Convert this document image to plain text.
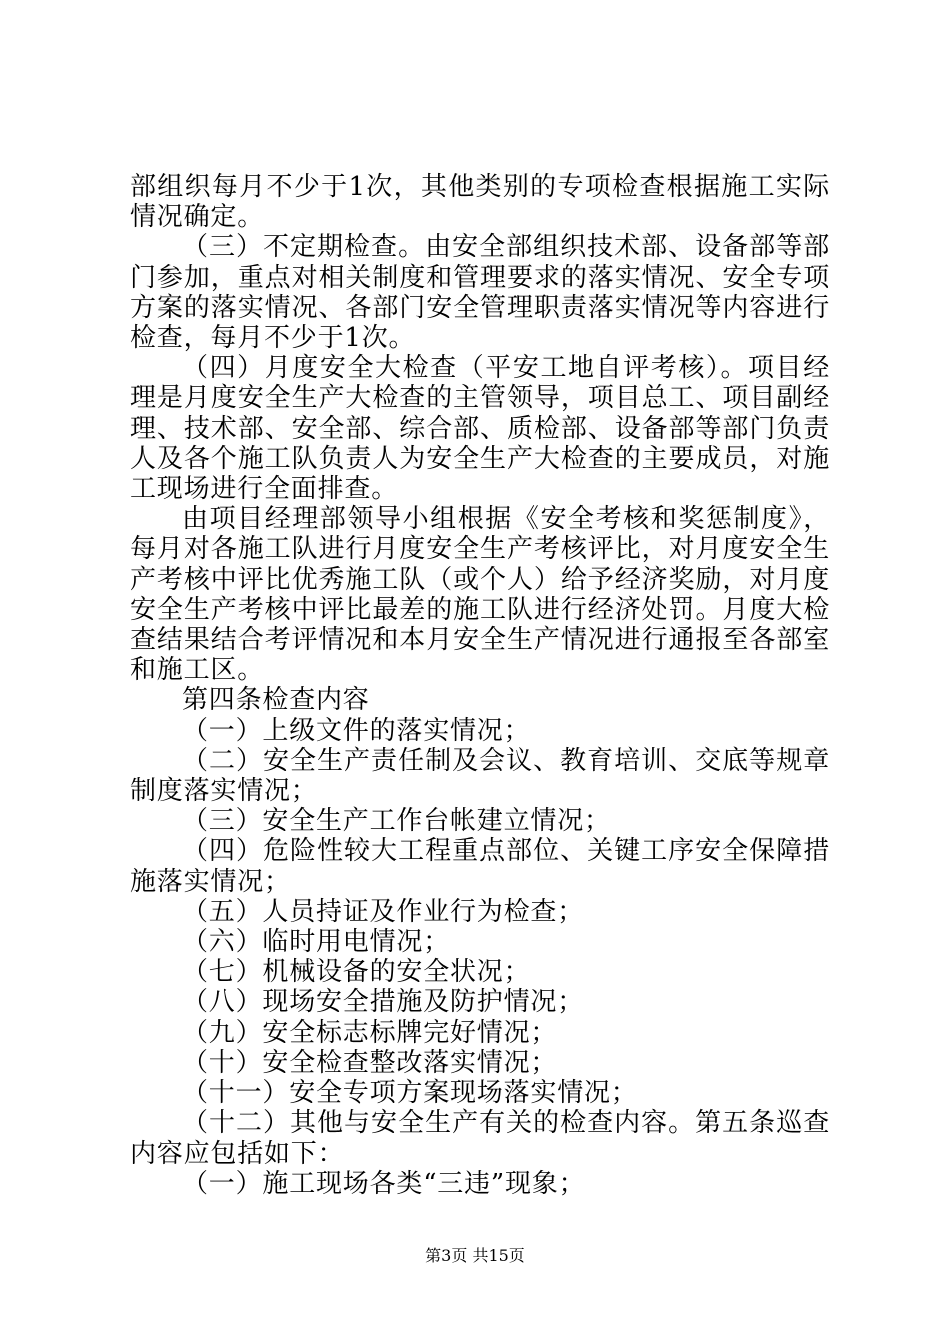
部组织每月不少于1次，其他类别的专项检查根据施工实际情况确定。

（三）不定期检查。由安全部组织技术部、设备部等部门参加，重点对相关制度和管理要求的落实情况、安全专项方案的落实情况、各部门安全管理职责落实情况等内容进行检查，每月不少于1次。

（四）月度安全大检查（平安工地自评考核）。项目经理是月度安全生产大检查的主管领导，项目总工、项目副经理、技术部、安全部、综合部、质检部、设备部等部门负责人及各个施工队负责人为安全生产大检查的主要成员，对施工现场进行全面排查。

由项目经理部领导小组根据《安全考核和奖惩制度》，每月对各施工队进行月度安全生产考核评比，对月度安全生产考核中评比优秀施工队（或个人）给予经济奖励，对月度安全生产考核中评比最差的施工队进行经济处罚。月度大检查结果结合考评情况和本月安全生产情况进行通报至各部室和施工区。

第四条检查内容

（一）上级文件的落实情况；

（二）安全生产责任制及会议、教育培训、交底等规章制度落实情况；

（三）安全生产工作台帐建立情况；

（四）危险性较大工程重点部位、关键工序安全保障措施落实情况；

（五）人员持证及作业行为检查；

（六）临时用电情况；

（七）机械设备的安全状况；

（八）现场安全措施及防护情况；

（九）安全标志标牌完好情况；

（十）安全检查整改落实情况；

（十一）安全专项方案现场落实情况；

（十二）其他与安全生产有关的检查内容。第五条巡查内容应包括如下：

（一）施工现场各类“三违”现象；

第3页 共15页
